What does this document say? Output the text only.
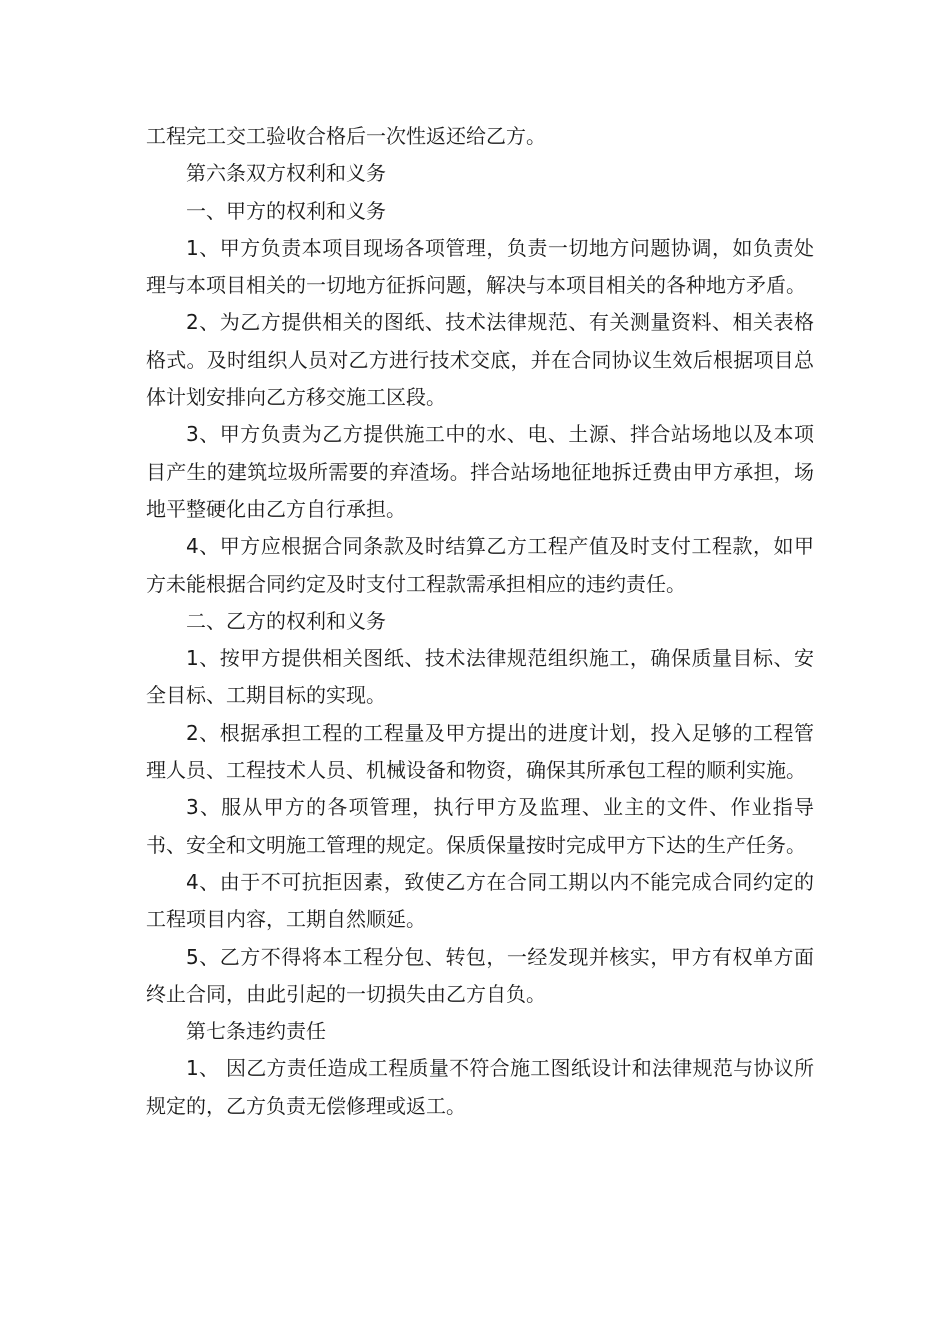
工程完工交工验收合格后一次性返还给乙方。

第六条双方权利和义务

一、甲方的权利和义务

1、甲方负责本项目现场各项管理，负责一切地方问题协调，如负责处理与本项目相关的一切地方征拆问题，解决与本项目相关的各种地方矛盾。

2、为乙方提供相关的图纸、技术法律规范、有关测量资料、相关表格格式。及时组织人员对乙方进行技术交底，并在合同协议生效后根据项目总体计划安排向乙方移交施工区段。

3、甲方负责为乙方提供施工中的水、电、土源、拌合站场地以及本项目产生的建筑垃圾所需要的弃渣场。拌合站场地征地拆迁费由甲方承担，场地平整硬化由乙方自行承担。

4、甲方应根据合同条款及时结算乙方工程产值及时支付工程款，如甲方未能根据合同约定及时支付工程款需承担相应的违约责任。

二、乙方的权利和义务

1、按甲方提供相关图纸、技术法律规范组织施工，确保质量目标、安全目标、工期目标的实现。

2、根据承担工程的工程量及甲方提出的进度计划，投入足够的工程管理人员、工程技术人员、机械设备和物资，确保其所承包工程的顺利实施。

3、服从甲方的各项管理，执行甲方及监理、业主的文件、作业指导书、安全和文明施工管理的规定。保质保量按时完成甲方下达的生产任务。

4、由于不可抗拒因素，致使乙方在合同工期以内不能完成合同约定的工程项目内容，工期自然顺延。

5、乙方不得将本工程分包、转包，一经发现并核实，甲方有权单方面终止合同，由此引起的一切损失由乙方自负。

第七条违约责任

1、 因乙方责任造成工程质量不符合施工图纸设计和法律规范与协议所规定的，乙方负责无偿修理或返工。
